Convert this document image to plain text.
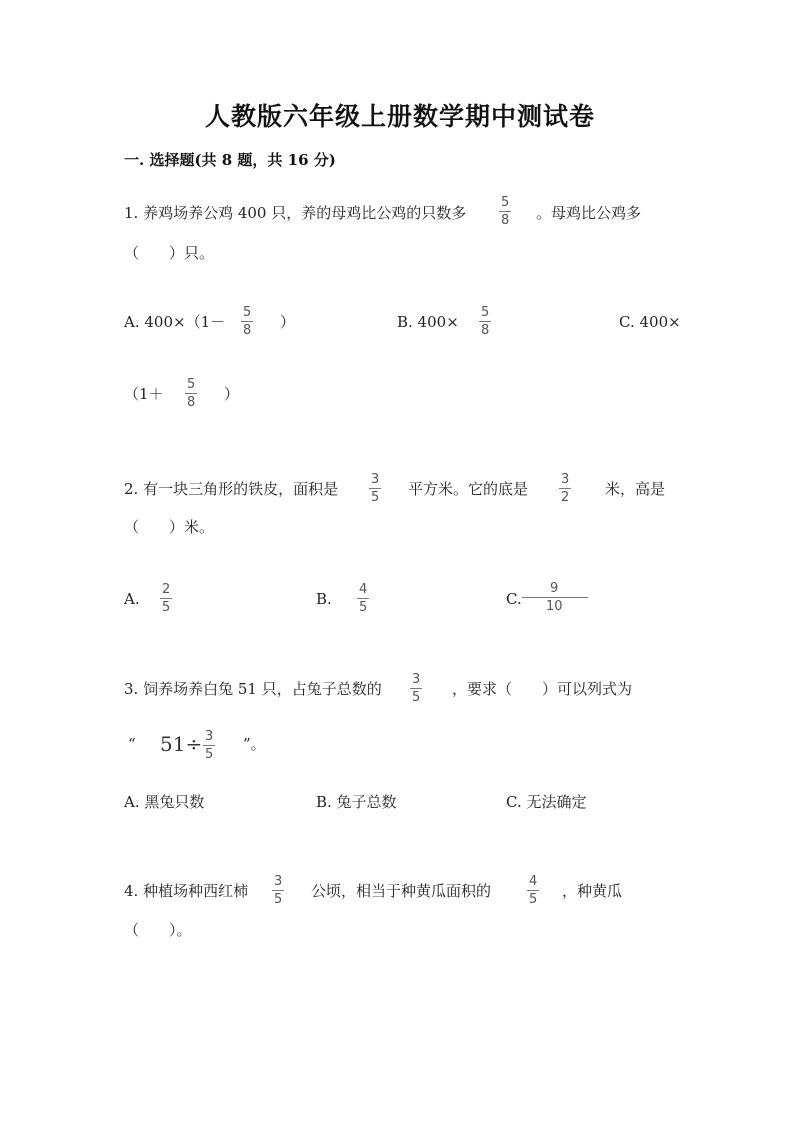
人教版六年级上册数学期中测试卷
一. 选择题(共 8 题，共 16 分)
1. 养鸡场养公鸡 400 只，养的母鸡比公鸡的只数多
5
8 。母鸡比公鸡多
（　　）只。
A. 400×（1－
5
8 ）	B. 400×
5
8	C. 400×
（1＋
5
8 ）
2. 有一块三角形的铁皮，面积是
3
5 平方米。它的底是
3
2 米，高是
（　　）米。
A.
2
5	B.
4
5	C.
9
10
3. 饲养场养白兔 51 只，占兔子总数的
3
5 ，要求（　　）可以列式为
“ 51÷ 3
5
”。
A. 黑兔只数	B. 兔子总数	C. 无法确定
4. 种植场种西红柿
3
5 公顷，相当于种黄瓜面积的
4
5 ，种黄瓜
（　　）。
